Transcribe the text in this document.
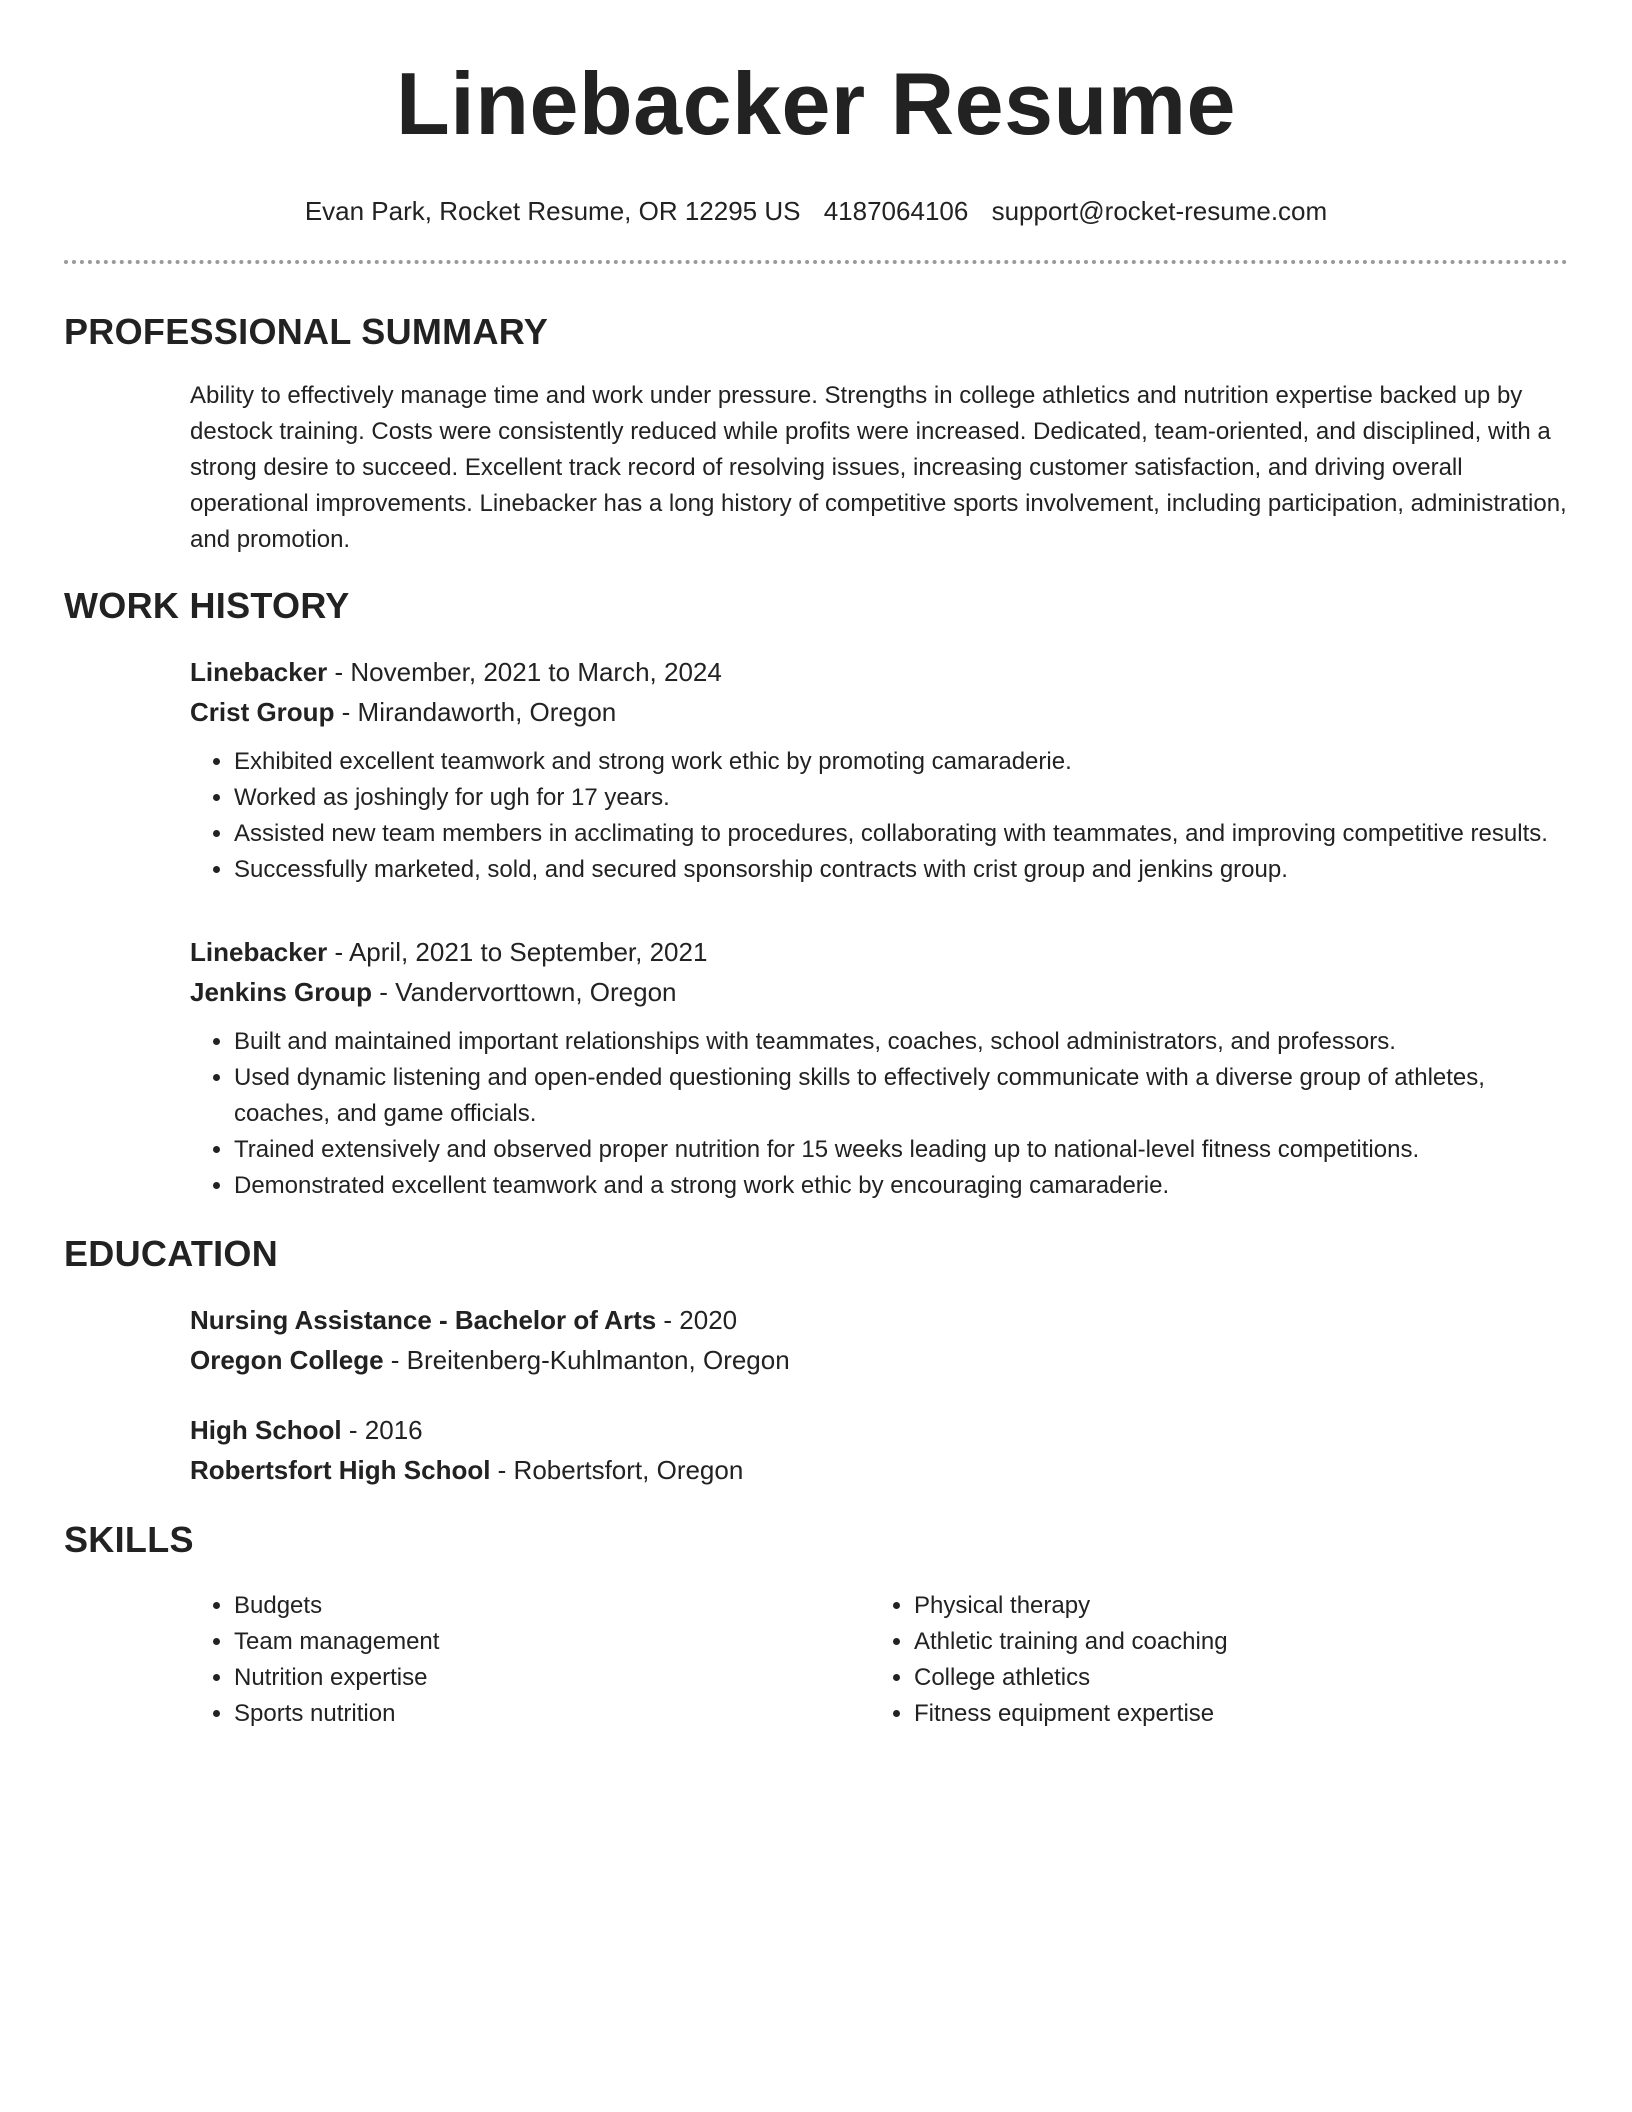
Linebacker Resume
Evan Park, Rocket Resume, OR 12295 US 4187064106 support@rocket-resume.com
PROFESSIONAL SUMMARY
Ability to effectively manage time and work under pressure. Strengths in college athletics and nutrition expertise backed up by destock training. Costs were consistently reduced while profits were increased. Dedicated, team-oriented, and disciplined, with a strong desire to succeed. Excellent track record of resolving issues, increasing customer satisfaction, and driving overall operational improvements. Linebacker has a long history of competitive sports involvement, including participation, administration, and promotion.
WORK HISTORY
Linebacker - November, 2021 to March, 2024
Crist Group - Mirandaworth, Oregon
• Exhibited excellent teamwork and strong work ethic by promoting camaraderie.
• Worked as joshingly for ugh for 17 years.
• Assisted new team members in acclimating to procedures, collaborating with teammates, and improving competitive results.
• Successfully marketed, sold, and secured sponsorship contracts with crist group and jenkins group.
Linebacker - April, 2021 to September, 2021
Jenkins Group - Vandervorttown, Oregon
• Built and maintained important relationships with teammates, coaches, school administrators, and professors.
• Used dynamic listening and open-ended questioning skills to effectively communicate with a diverse group of athletes, coaches, and game officials.
• Trained extensively and observed proper nutrition for 15 weeks leading up to national-level fitness competitions.
• Demonstrated excellent teamwork and a strong work ethic by encouraging camaraderie.
EDUCATION
Nursing Assistance - Bachelor of Arts - 2020
Oregon College - Breitenberg-Kuhlmanton, Oregon
High School - 2016
Robertsfort High School - Robertsfort, Oregon
SKILLS
• Budgets
• Team management
• Nutrition expertise
• Sports nutrition
• Physical therapy
• Athletic training and coaching
• College athletics
• Fitness equipment expertise
